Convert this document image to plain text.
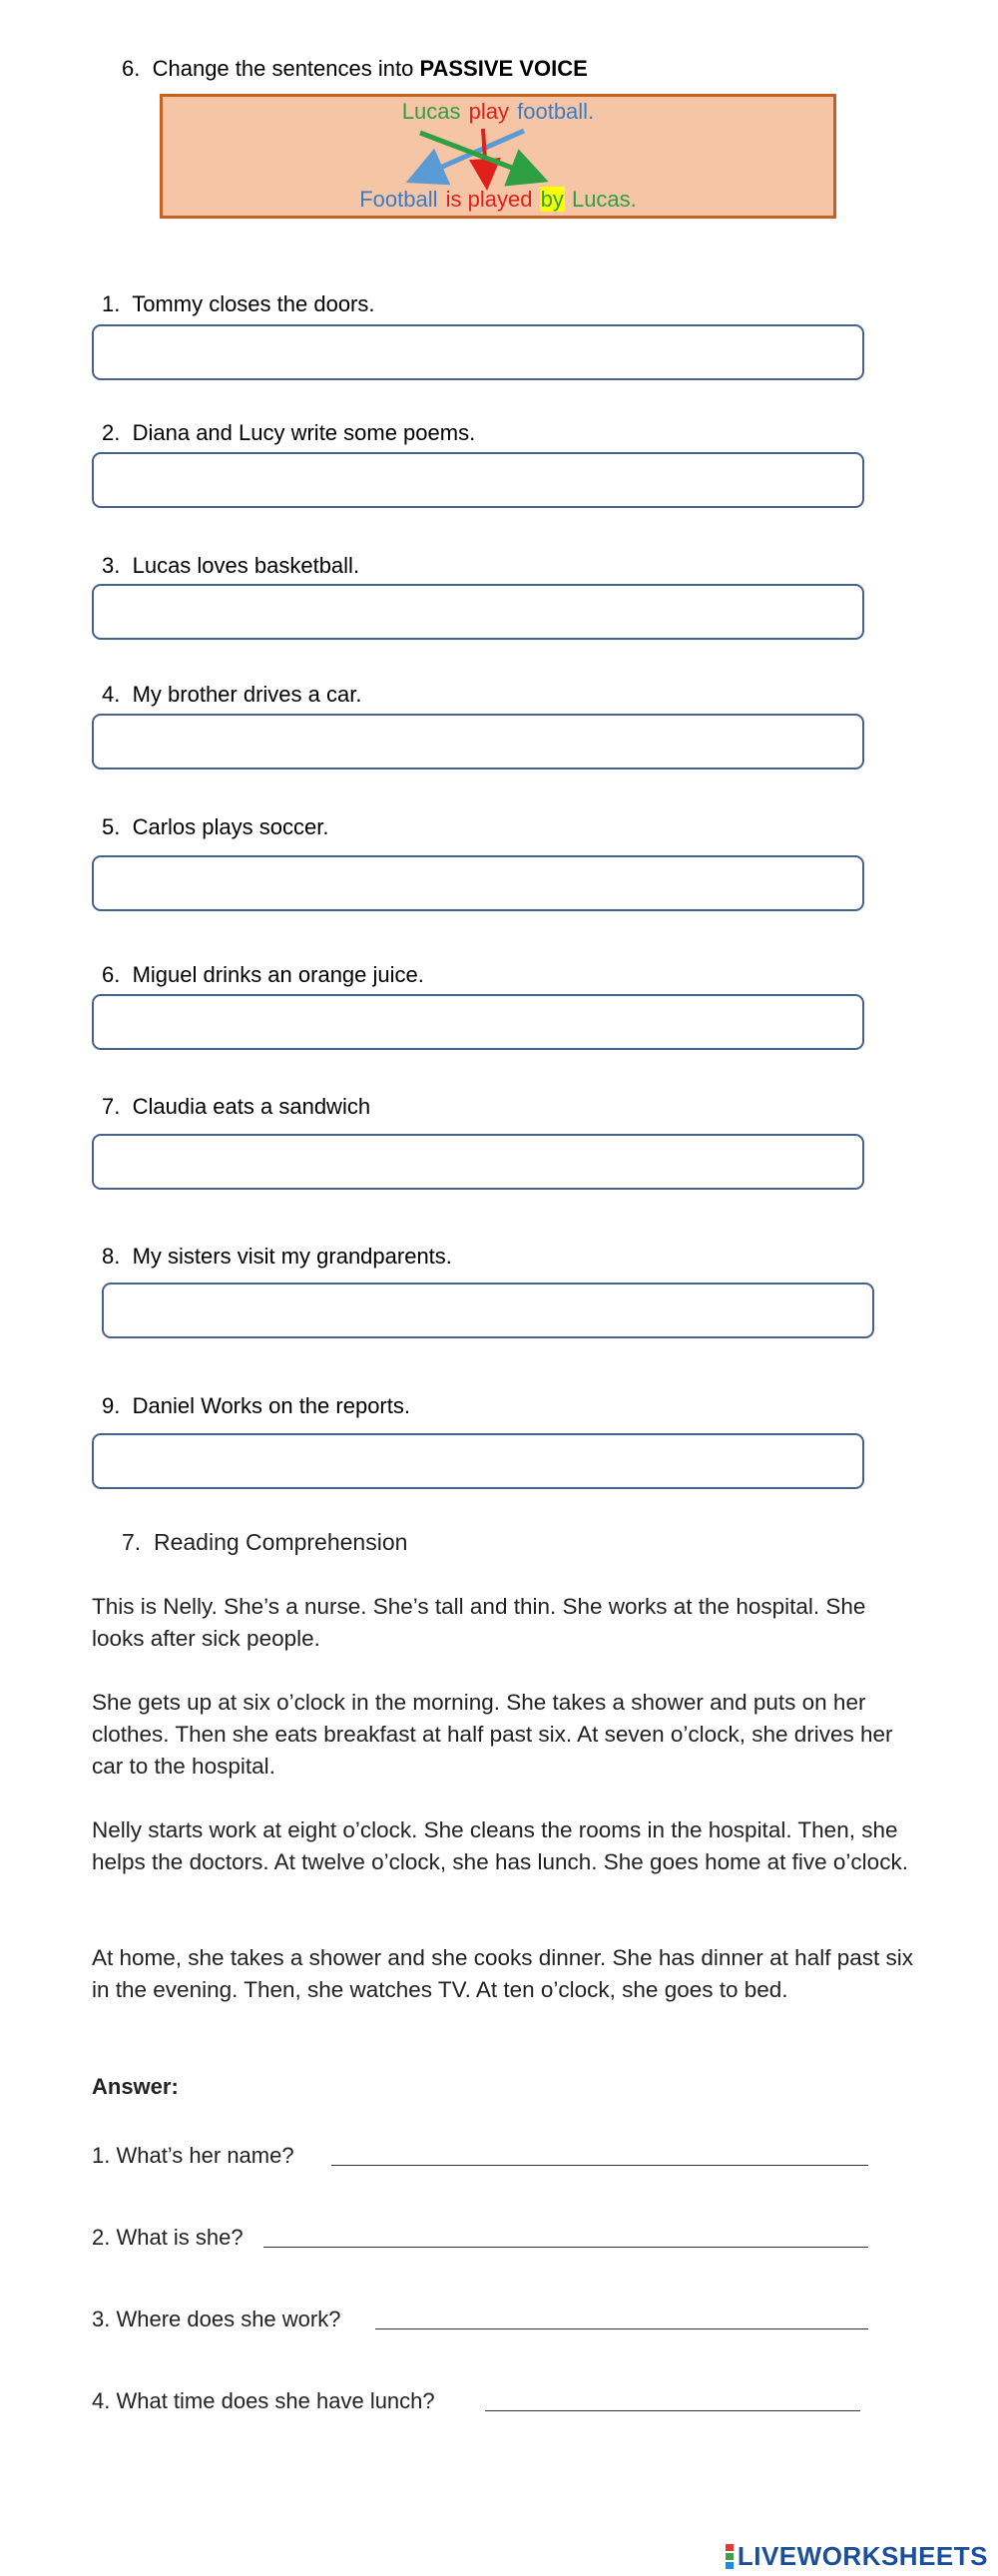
6. Change the sentences into PASSIVE VOICE
Lucas play football.
Football is played by Lucas.
1. Tommy closes the doors.
2. Diana and Lucy write some poems.
3. Lucas loves basketball.
4. My brother drives a car.
5. Carlos plays soccer.
6. Miguel drinks an orange juice.
7. Claudia eats a sandwich
8. My sisters visit my grandparents.
9. Daniel Works on the reports.
7. Reading Comprehension

This is Nelly. She’s a nurse. She’s tall and thin. She works at the hospital. She looks after sick people.

She gets up at six o’clock in the morning. She takes a shower and puts on her clothes. Then she eats breakfast at half past six. At seven o’clock, she drives her car to the hospital.

Nelly starts work at eight o’clock. She cleans the rooms in the hospital. Then, she helps the doctors. At twelve o’clock, she has lunch. She goes home at five o’clock.

At home, she takes a shower and she cooks dinner. She has dinner at half past six in the evening. Then, she watches TV. At ten o’clock, she goes to bed.

Answer:
1. What’s her name?
2. What is she?
3. Where does she work?
4. What time does she have lunch?
LIVEWORKSHEETS
